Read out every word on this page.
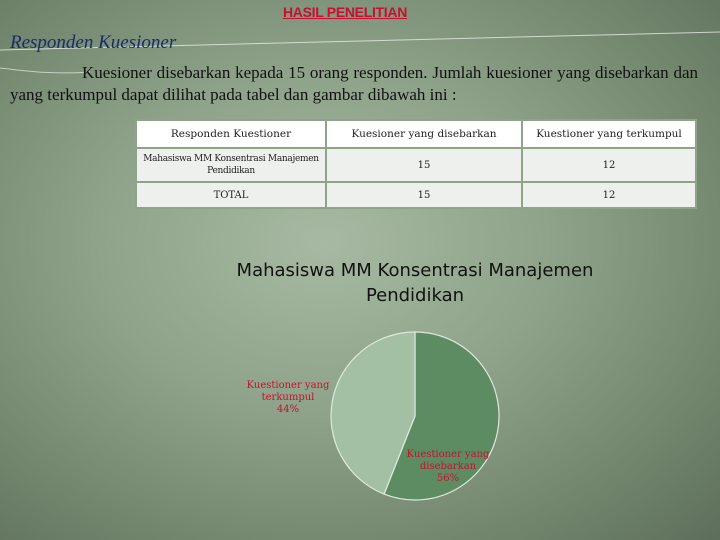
HASIL PENELITIAN
Responden Kuesioner
Kuesioner disebarkan kepada 15 orang responden. Jumlah kuesioner yang disebarkan dan yang terkumpul dapat dilihat pada tabel dan gambar dibawah ini :
Responden Kuestioner	Kuesioner yang disebarkan	Kuestioner yang terkumpul
Mahasiswa MM Konsentrasi Manajemen Pendidikan	15	12
TOTAL	15	12
Mahasiswa MM Konsentrasi Manajemen Pendidikan
Kuestioner yang disebarkan 56%
Kuestioner yang terkumpul 44%
